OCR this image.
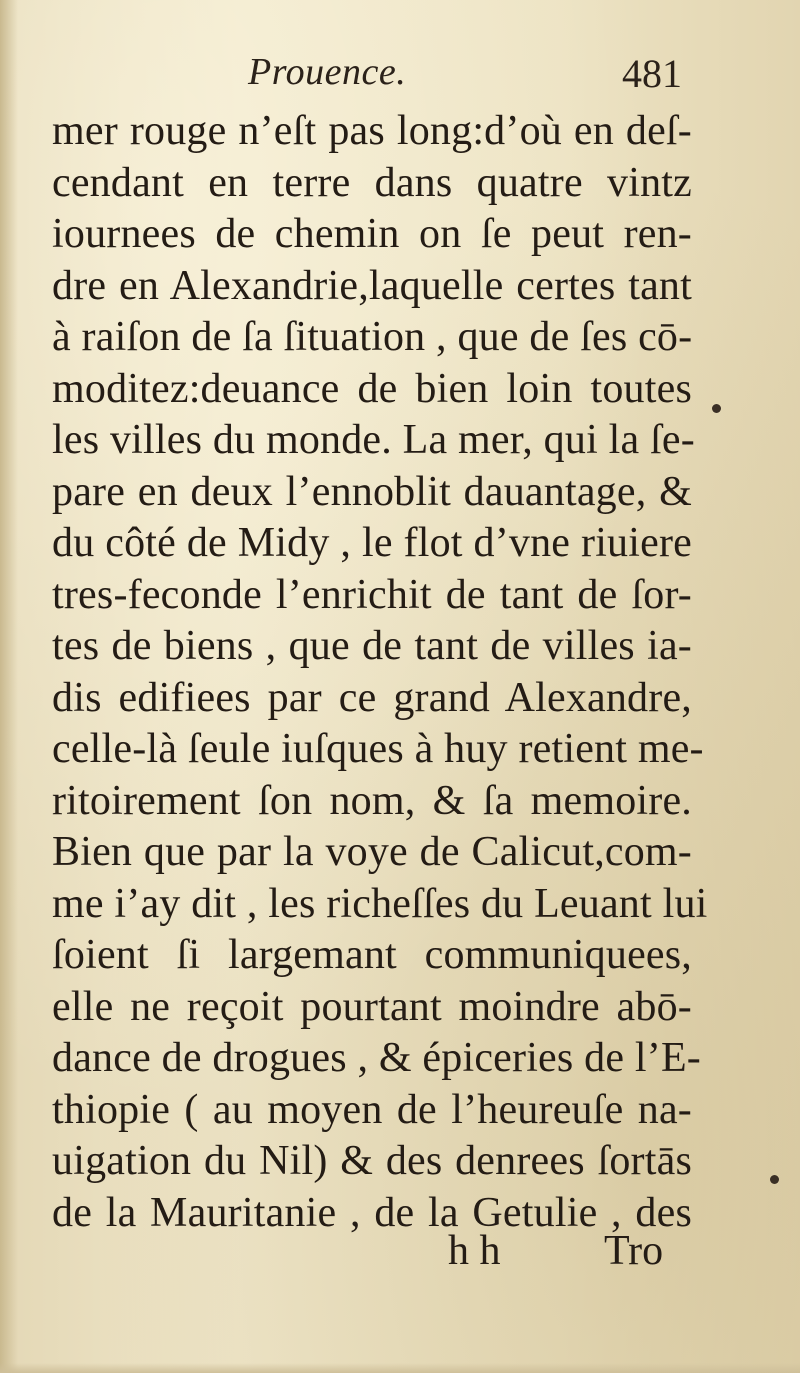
Prouence.	481
mer rouge n’eſt pas long:d’où en deſ-
cendant en terre dans quatre vintz
iournees de chemin on ſe peut ren-
dre en Alexandrie,laquelle certes tant
à raiſon de ſa ſituation , que de ſes cō-
moditez:deuance de bien loin toutes
les villes du monde. La mer, qui la ſe-
pare en deux l’ennoblit dauantage, &
du côté de Midy , le flot d’vne riuiere
tres-feconde l’enrichit de tant de ſor-
tes de biens , que de tant de villes ia-
dis edifiees par ce grand Alexandre,
celle-là ſeule iuſques à huy retient me-
ritoirement ſon nom, & ſa memoire.
Bien que par la voye de Calicut,com-
me i’ay dit , les richeſſes du Leuant lui
ſoient ſi largemant communiquees,
elle ne reçoit pourtant moindre abō-
dance de drogues , & épiceries de l’E-
thiopie ( au moyen de l’heureuſe na-
uigation du Nil) & des denrees ſortās
de la Mauritanie , de la Getulie , des
h h Tro
